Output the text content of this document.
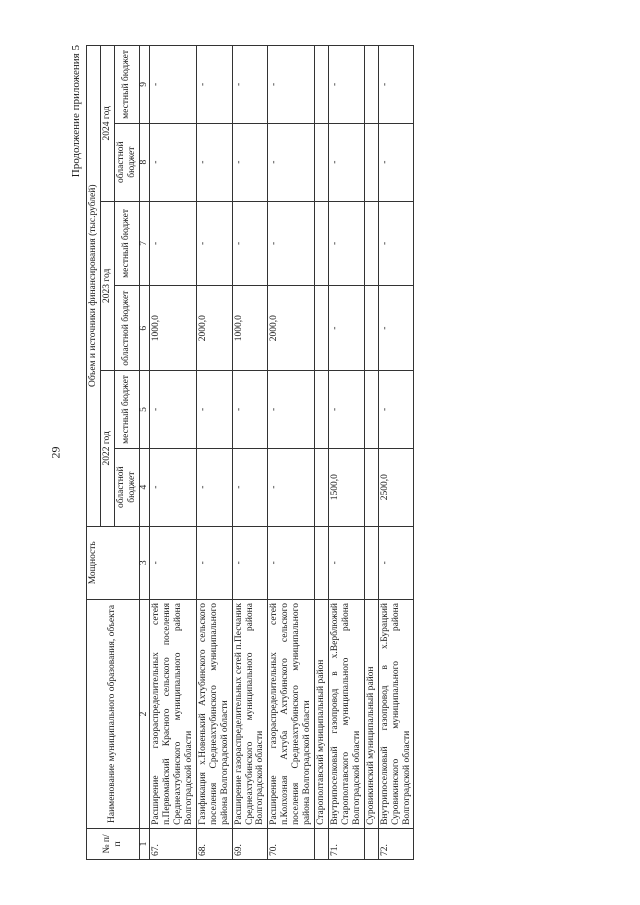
29
Продолжение приложения 5
№ п/п	Наименование муниципального образования, объекта	Мощность	Объем и источники финансирования (тыс.рублей)					
			2022 год		2023 год		2024 год	
			областной бюджет	местный бюджет	областной бюджет	местный бюджет	областной бюджет	местный бюджет
1	2	3	4	5	6	7	8	9
67.	Расширение газораспределительных сетей п.Первомайский Красного сельского поселения Среднеахтубинского муниципального района Волгоградской области	-	-	-	1000,0	-	-	-
68.	Газификация х.Новенький Ахтубинского сельского поселения Среднеахтубинского муниципального района Волгоградской области	-	-	-	2000,0	-	-	-
69.	Расширение газораспределительных сетей п.Песчаник Среднеахтубинского муниципального района Волгоградской области	-	-	-	1000,0	-	-	-
70.	Расширение газораспределительных сетей п.Колхозная Ахтуба Ахтубинского сельского поселения Среднеахтубинского муниципального района Волгоградской области	-	-	-	2000,0	-	-	-
	Старополтавский муниципальный район							
71.	Внутрипоселковый газопровод в х.Верблюжий Старополтавского муниципального района Волгоградской области	-	1500,0	-	-	-	-	-
	Суровикинский муниципальный район							
72.	Внутрипоселковый газопровод в х.Бурацкий Суровикинского муниципального района Волгоградской области	-	2500,0	-	-	-	-	-
